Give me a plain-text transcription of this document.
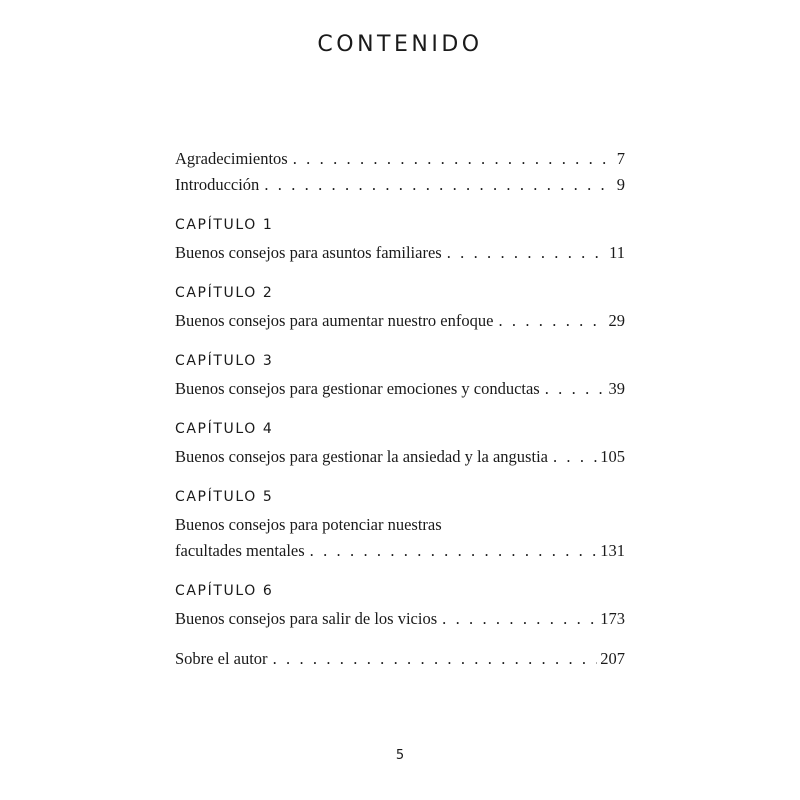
CONTENIDO
Agradecimientos . . .	7
Introducción . . .	9
CAPÍTULO 1
Buenos consejos para asuntos familiares . . .	11
CAPÍTULO 2
Buenos consejos para aumentar nuestro enfoque . . .	29
CAPÍTULO 3
Buenos consejos para gestionar emociones y conductas . . .	39
CAPÍTULO 4
Buenos consejos para gestionar la ansiedad y la angustia . . .	105
CAPÍTULO 5
Buenos consejos para potenciar nuestras
facultades mentales . . .	131
CAPÍTULO 6
Buenos consejos para salir de los vicios . . .	173
Sobre el autor . . .	207
5
